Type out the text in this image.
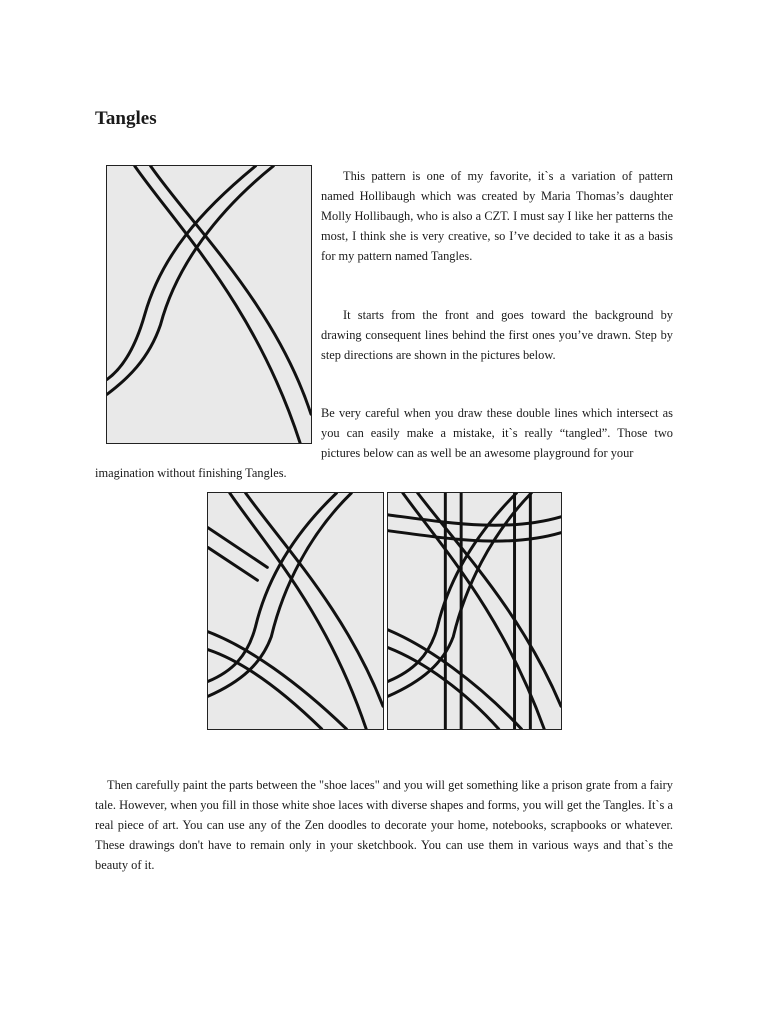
Tangles

This pattern is one of my favorite, it`s a variation of pattern named Hollibaugh which was created by Maria Thomas’s daughter Molly Hollibaugh, who is also a CZT. I must say I like her patterns the most, I think she is very creative, so I’ve decided to take it as a basis for my pattern named Tangles.

It starts from the front and goes toward the background by drawing consequent lines behind the first ones you’ve drawn. Step by step directions are shown in the pictures below.

Be very careful when you draw these double lines which intersect as you can easily make a mistake, it`s really “tangled”. Those two pictures below can as well be an awesome playground for your

imagination without finishing Tangles.

Then carefully paint the parts between the "shoe laces" and you will get something like a prison grate from a fairy tale. However, when you fill in those white shoe laces with diverse shapes and forms, you will get the Tangles. It`s a real piece of art. You can use any of the Zen doodles to decorate your home, notebooks, scrapbooks or whatever. These drawings don't have to remain only in your sketchbook. You can use them in various ways and that`s the beauty of it.
